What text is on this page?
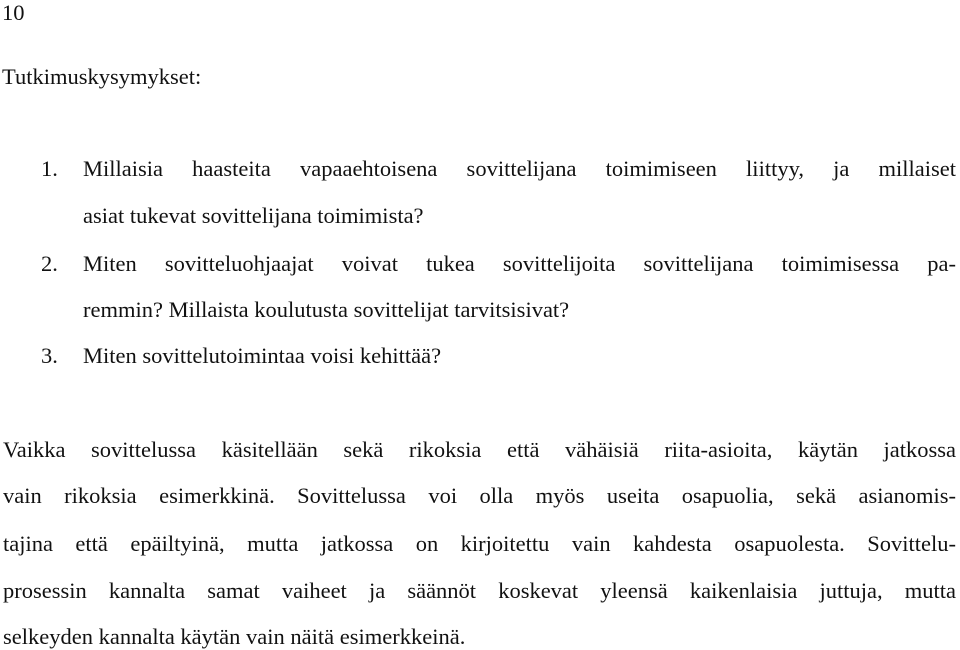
10
Tutkimuskysymykset:
1. Millaisia haasteita vapaaehtoisena sovittelijana toimimiseen liittyy, ja millaiset
asiat tukevat sovittelijana toimimista?
2. Miten sovitteluohjaajat voivat tukea sovittelijoita sovittelijana toimimisessa pa-
remmin? Millaista koulutusta sovittelijat tarvitsisivat?
3. Miten sovittelutoimintaa voisi kehittää?
Vaikka sovittelussa käsitellään sekä rikoksia että vähäisiä riita-asioita, käytän jatkossa
vain rikoksia esimerkkinä. Sovittelussa voi olla myös useita osapuolia, sekä asianomis-
tajina että epäiltyinä, mutta jatkossa on kirjoitettu vain kahdesta osapuolesta. Sovittelu-
prosessin kannalta samat vaiheet ja säännöt koskevat yleensä kaikenlaisia juttuja, mutta
selkeyden kannalta käytän vain näitä esimerkkeinä.
